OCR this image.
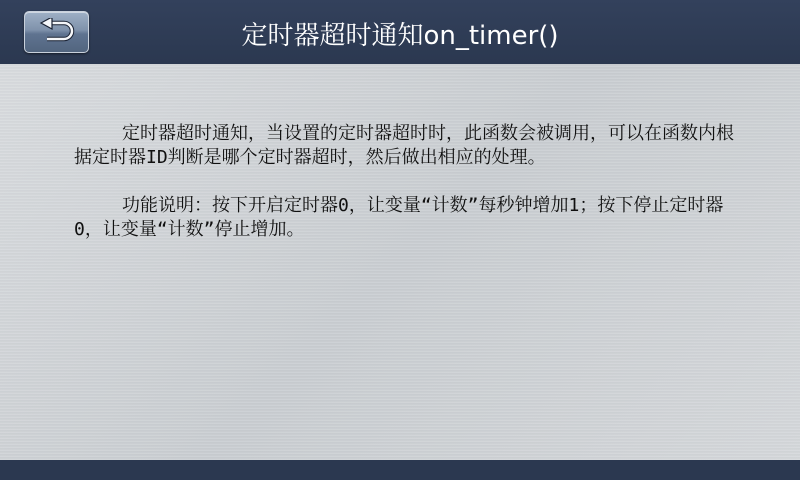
定时器超时通知on_timer()

定时器超时通知，当设置的定时器超时时，此函数会被调用，可以在函数内根据定时器ID判断是哪个定时器超时，然后做出相应的处理。

功能说明：按下开启定时器0，让变量“计数”每秒钟增加1；按下停止定时器0，让变量“计数”停止增加。
